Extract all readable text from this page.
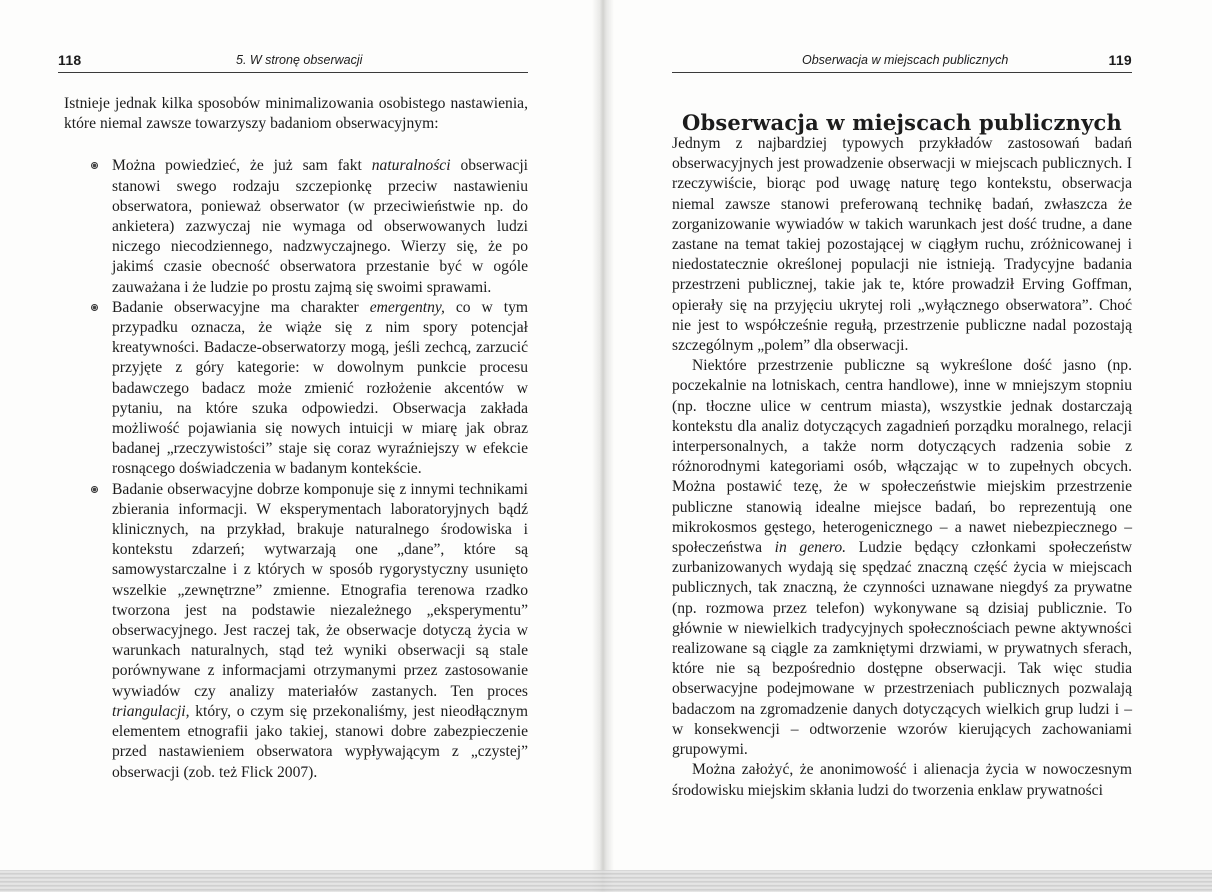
118	5. W stronę obserwacji

Istnieje jednak kilka sposobów minimalizowania osobistego nastawienia, które niemal zawsze towarzyszy badaniom obserwacyjnym:

Można powiedzieć, że już sam fakt naturalności obserwacji stanowi swego rodzaju szczepionkę przeciw nastawieniu obserwatora, ponieważ obserwator (w przeciwieństwie np. do ankietera) zazwyczaj nie wymaga od obserwowanych ludzi niczego niecodziennego, nadzwyczajnego. Wierzy się, że po jakimś czasie obecność obserwatora przestanie być w ogóle zauważana i że ludzie po prostu zajmą się swoimi sprawami.

Badanie obserwacyjne ma charakter emergentny, co w tym przypadku oznacza, że wiąże się z nim spory potencjał kreatywności. Badacze-obserwatorzy mogą, jeśli zechcą, zarzucić przyjęte z góry kategorie: w dowolnym punkcie procesu badawczego badacz może zmienić rozłożenie akcentów w pytaniu, na które szuka odpowiedzi. Obserwacja zakłada możliwość pojawiania się nowych intuicji w miarę jak obraz badanej „rzeczywistości” staje się coraz wyraźniejszy w efekcie rosnącego doświadczenia w badanym kontekście.

Badanie obserwacyjne dobrze komponuje się z innymi technikami zbierania informacji. W eksperymentach laboratoryjnych bądź klinicznych, na przykład, brakuje naturalnego środowiska i kontekstu zdarzeń; wytwarzają one „dane”, które są samowystarczalne i z których w sposób rygorystyczny usunięto wszelkie „zewnętrzne” zmienne. Etnografia terenowa rzadko tworzona jest na podstawie niezależnego „eksperymentu” obserwacyjnego. Jest raczej tak, że obserwacje dotyczą życia w warunkach naturalnych, stąd też wyniki obserwacji są stale porównywane z informacjami otrzymanymi przez zastosowanie wywiadów czy analizy materiałów zastanych. Ten proces triangulacji, który, o czym się przekonaliśmy, jest nieodłącznym elementem etnografii jako takiej, stanowi dobre zabezpieczenie przed nastawieniem obserwatora wypływającym z „czystej” obserwacji (zob. też Flick 2007).

Obserwacja w miejscach publicznych	119
Obserwacja w miejscach publicznych

Jednym z najbardziej typowych przykładów zastosowań badań obserwacyjnych jest prowadzenie obserwacji w miejscach publicznych. I rzeczywiście, biorąc pod uwagę naturę tego kontekstu, obserwacja niemal zawsze stanowi preferowaną technikę badań, zwłaszcza że zorganizowanie wywiadów w takich warunkach jest dość trudne, a dane zastane na temat takiej pozostającej w ciągłym ruchu, zróżnicowanej i niedostatecznie określonej populacji nie istnieją. Tradycyjne badania przestrzeni publicznej, takie jak te, które prowadził Erving Goffman, opierały się na przyjęciu ukrytej roli „wyłącznego obserwatora”. Choć nie jest to współcześnie regułą, przestrzenie publiczne nadal pozostają szczególnym „polem” dla obserwacji.

Niektóre przestrzenie publiczne są wykreślone dość jasno (np. poczekalnie na lotniskach, centra handlowe), inne w mniejszym stopniu (np. tłoczne ulice w centrum miasta), wszystkie jednak dostarczają kontekstu dla analiz dotyczących zagadnień porządku moralnego, relacji interpersonalnych, a także norm dotyczących radzenia sobie z różnorodnymi kategoriami osób, włączając w to zupełnych obcych. Można postawić tezę, że w społeczeństwie miejskim przestrzenie publiczne stanowią idealne miejsce badań, bo reprezentują one mikrokosmos gęstego, heterogenicznego – a nawet niebezpiecznego – społeczeństwa in genero. Ludzie będący członkami społeczeństw zurbanizowanych wydają się spędzać znaczną część życia w miejscach publicznych, tak znaczną, że czynności uznawane niegdyś za prywatne (np. rozmowa przez telefon) wykonywane są dzisiaj publicznie. To głównie w niewielkich tradycyjnych społecznościach pewne aktywności realizowane są ciągle za zamkniętymi drzwiami, w prywatnych sferach, które nie są bezpośrednio dostępne obserwacji. Tak więc studia obserwacyjne podejmowane w przestrzeniach publicznych pozwalają badaczom na zgromadzenie danych dotyczących wielkich grup ludzi i – w konsekwencji – odtworzenie wzorów kierujących zachowaniami grupowymi.

Można założyć, że anonimowość i alienacja życia w nowoczesnym środowisku miejskim skłania ludzi do tworzenia enklaw prywatności
